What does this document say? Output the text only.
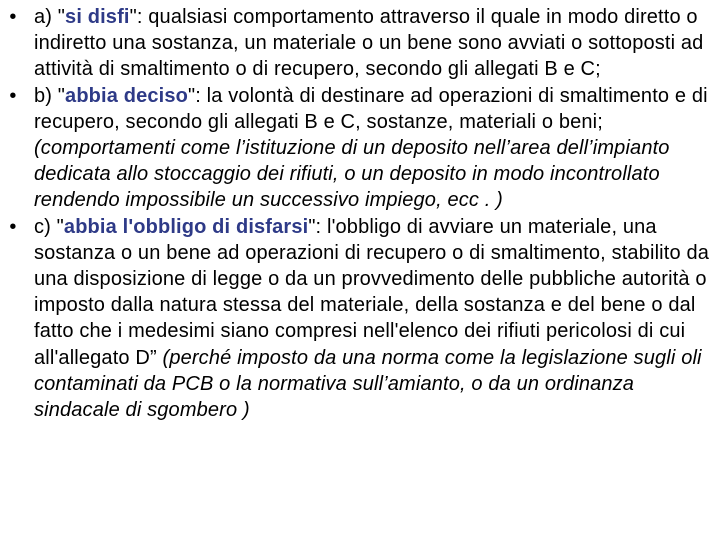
• a) "si disfi": qualsiasi comportamento attraverso il quale in modo diretto o indiretto una sostanza, un materiale o un bene sono avviati o sottoposti ad attività di smaltimento o di recupero, secondo gli allegati B e C;
• b) "abbia deciso": la volontà di destinare ad operazioni di smaltimento e di recupero, secondo gli allegati B e C, sostanze, materiali o beni; (comportamenti come l’istituzione di un deposito nell’area dell’impianto dedicata allo stoccaggio dei rifiuti, o un deposito in modo incontrollato rendendo impossibile un successivo impiego, ecc . )
• c) "abbia l'obbligo di disfarsi": l'obbligo di avviare un materiale, una sostanza o un bene ad operazioni di recupero o di smaltimento, stabilito da una disposizione di legge o da un provvedimento delle pubbliche autorità o imposto dalla natura stessa del materiale, della sostanza e del bene o dal fatto che i medesimi siano compresi nell'elenco dei rifiuti pericolosi di cui all'allegato D” (perché imposto da una norma come la legislazione sugli oli contaminati da PCB o la normativa sull’amianto, o da un ordinanza sindacale di sgombero )
